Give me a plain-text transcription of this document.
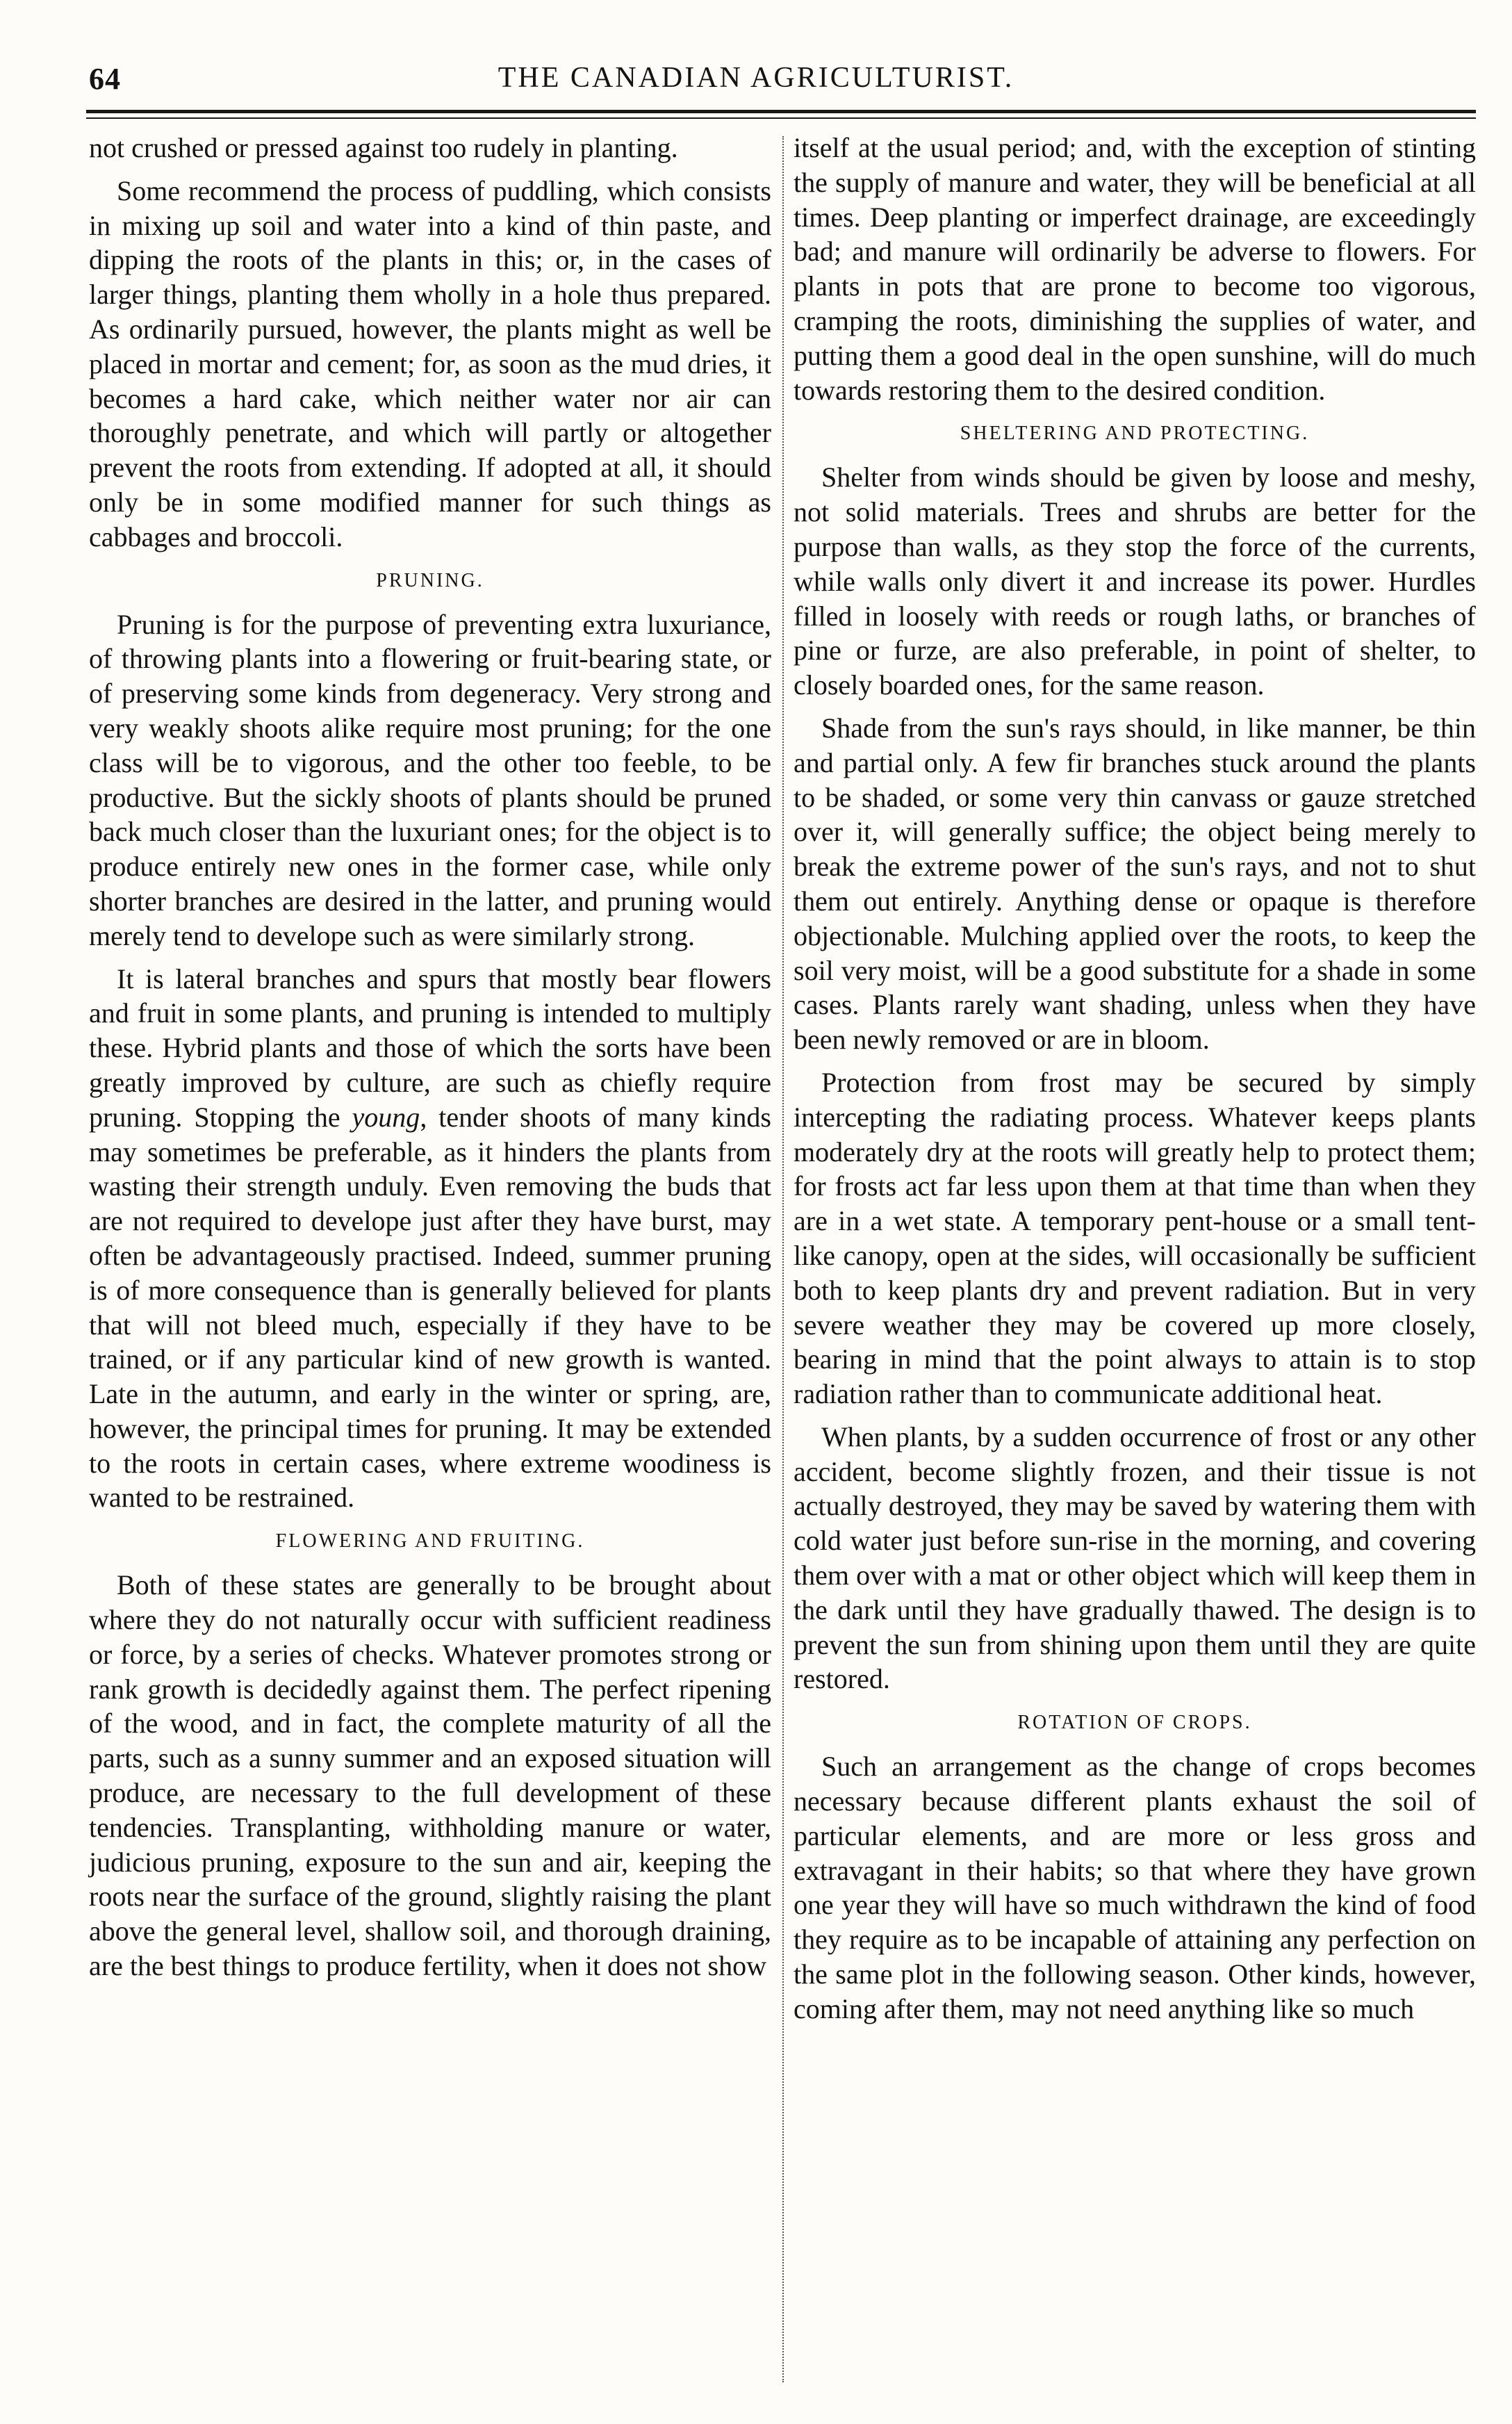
64	THE CANADIAN AGRICULTURIST.

not crushed or pressed against too rudely in planting.

Some recommend the process of puddling, which consists in mixing up soil and water into a kind of thin paste, and dipping the roots of the plants in this; or, in the cases of larger things, planting them wholly in a hole thus prepared. As ordinarily pursued, however, the plants might as well be placed in mortar and cement; for, as soon as the mud dries, it becomes a hard cake, which neither water nor air can thoroughly penetrate, and which will partly or altogether prevent the roots from extending. If adopted at all, it should only be in some modified manner for such things as cabbages and broccoli.

PRUNING.

Pruning is for the purpose of preventing extra luxuriance, of throwing plants into a flowering or fruit-bearing state, or of preserving some kinds from degeneracy. Very strong and very weakly shoots alike require most pruning; for the one class will be to vigorous, and the other too feeble, to be productive. But the sickly shoots of plants should be pruned back much closer than the luxuriant ones; for the object is to produce entirely new ones in the former case, while only shorter branches are desired in the latter, and pruning would merely tend to develope such as were similarly strong.

It is lateral branches and spurs that mostly bear flowers and fruit in some plants, and pruning is intended to multiply these. Hybrid plants and those of which the sorts have been greatly improved by culture, are such as chiefly require pruning. Stopping the young, tender shoots of many kinds may sometimes be preferable, as it hinders the plants from wasting their strength unduly. Even removing the buds that are not required to develope just after they have burst, may often be advantageously practised. Indeed, summer pruning is of more consequence than is generally believed for plants that will not bleed much, especially if they have to be trained, or if any particular kind of new growth is wanted. Late in the autumn, and early in the winter or spring, are, however, the principal times for pruning. It may be extended to the roots in certain cases, where extreme woodiness is wanted to be restrained.

FLOWERING AND FRUITING.

Both of these states are generally to be brought about where they do not naturally occur with sufficient readiness or force, by a series of checks. Whatever promotes strong or rank growth is decidedly against them. The perfect ripening of the wood, and in fact, the complete maturity of all the parts, such as a sunny summer and an exposed situation will produce, are necessary to the full development of these tendencies. Transplanting, withholding manure or water, judicious pruning, exposure to the sun and air, keeping the roots near the surface of the ground, slightly raising the plant above the general level, shallow soil, and thorough draining, are the best things to produce fertility, when it does not show

itself at the usual period; and, with the exception of stinting the supply of manure and water, they will be beneficial at all times. Deep planting or imperfect drainage, are exceedingly bad; and manure will ordinarily be adverse to flowers. For plants in pots that are prone to become too vigorous, cramping the roots, diminishing the supplies of water, and putting them a good deal in the open sunshine, will do much towards restoring them to the desired condition.

SHELTERING AND PROTECTING.

Shelter from winds should be given by loose and meshy, not solid materials. Trees and shrubs are better for the purpose than walls, as they stop the force of the currents, while walls only divert it and increase its power. Hurdles filled in loosely with reeds or rough laths, or branches of pine or furze, are also preferable, in point of shelter, to closely boarded ones, for the same reason.

Shade from the sun's rays should, in like manner, be thin and partial only. A few fir branches stuck around the plants to be shaded, or some very thin canvass or gauze stretched over it, will generally suffice; the object being merely to break the extreme power of the sun's rays, and not to shut them out entirely. Anything dense or opaque is therefore objectionable. Mulching applied over the roots, to keep the soil very moist, will be a good substitute for a shade in some cases. Plants rarely want shading, unless when they have been newly removed or are in bloom.

Protection from frost may be secured by simply intercepting the radiating process. Whatever keeps plants moderately dry at the roots will greatly help to protect them; for frosts act far less upon them at that time than when they are in a wet state. A temporary pent-house or a small tent-like canopy, open at the sides, will occasionally be sufficient both to keep plants dry and prevent radiation. But in very severe weather they may be covered up more closely, bearing in mind that the point always to attain is to stop radiation rather than to communicate additional heat.

When plants, by a sudden occurrence of frost or any other accident, become slightly frozen, and their tissue is not actually destroyed, they may be saved by watering them with cold water just before sun-rise in the morning, and covering them over with a mat or other object which will keep them in the dark until they have gradually thawed. The design is to prevent the sun from shining upon them until they are quite restored.

ROTATION OF CROPS.

Such an arrangement as the change of crops becomes necessary because different plants exhaust the soil of particular elements, and are more or less gross and extravagant in their habits; so that where they have grown one year they will have so much withdrawn the kind of food they require as to be incapable of attaining any perfection on the same plot in the following season. Other kinds, however, coming after them, may not need anything like so much
